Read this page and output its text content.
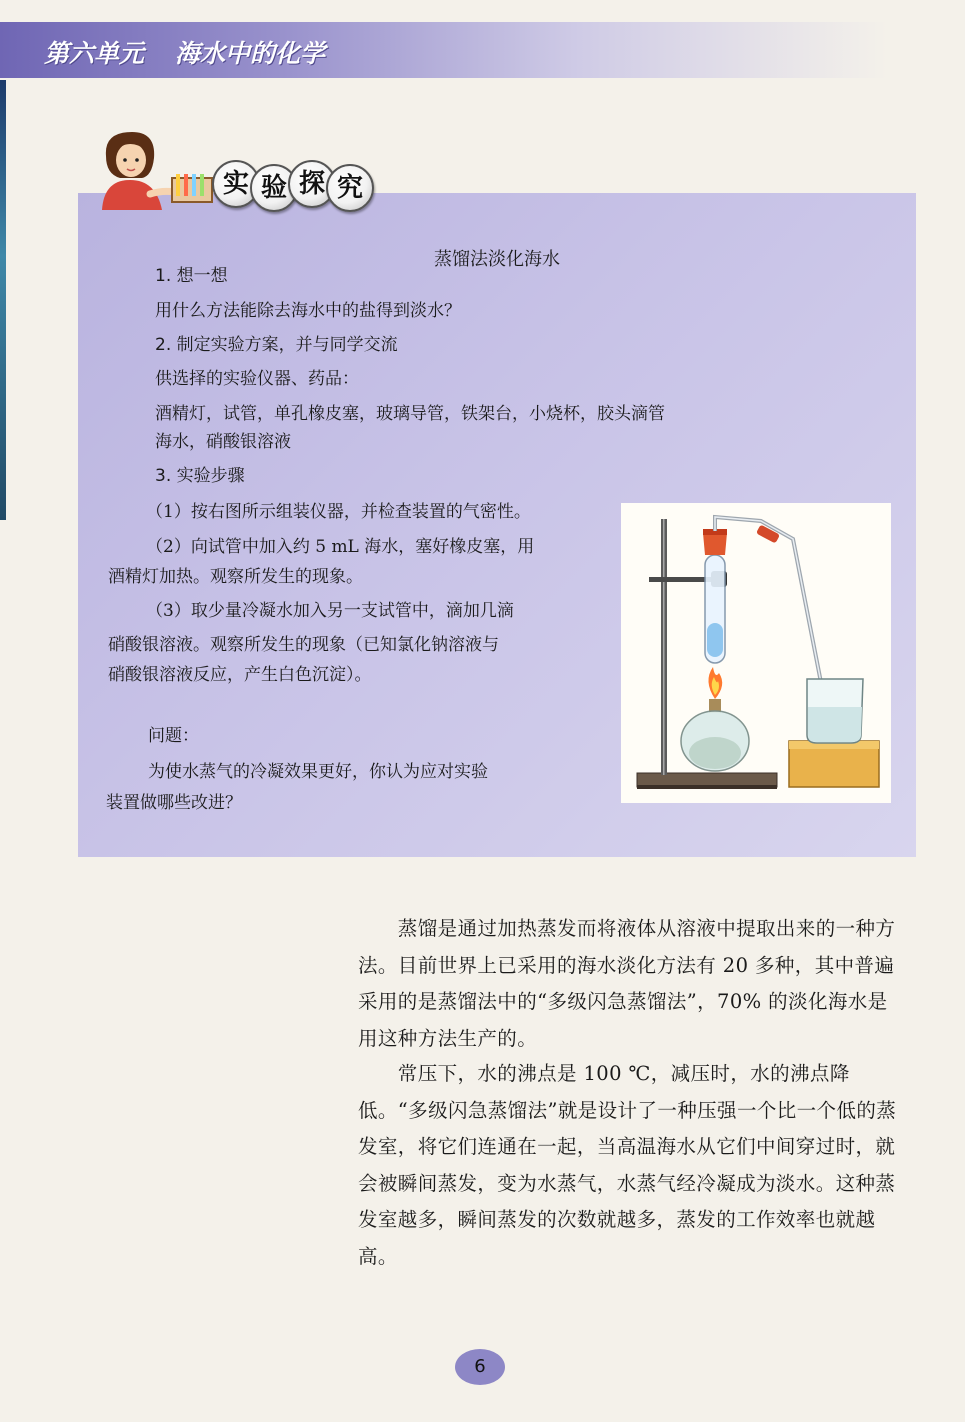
第六单元 海水中的化学
蒸馏法淡化海水
1. 想一想
用什么方法能除去海水中的盐得到淡水？
2. 制定实验方案，并与同学交流
供选择的实验仪器、药品：
酒精灯，试管，单孔橡皮塞，玻璃导管，铁架台，小烧杯，胶头滴管
海水，硝酸银溶液
3. 实验步骤
（1）按右图所示组装仪器，并检查装置的气密性。
（2）向试管中加入约 5 mL 海水，塞好橡皮塞，用
酒精灯加热。观察所发生的现象。
（3）取少量冷凝水加入另一支试管中，滴加几滴
硝酸银溶液。观察所发生的现象（已知氯化钠溶液与
硝酸银溶液反应，产生白色沉淀）。
问题：
为使水蒸气的冷凝效果更好，你认为应对实验
装置做哪些改进？
实 验 探 究
　　蒸馏是通过加热蒸发而将液体从溶液中提取出来的一种方法。目前世界上已采用的海水淡化方法有 20 多种，其中普遍采用的是蒸馏法中的“多级闪急蒸馏法”，70% 的淡化海水是用这种方法生产的。
　　常压下，水的沸点是 100 ℃，减压时，水的沸点降低。“多级闪急蒸馏法”就是设计了一种压强一个比一个低的蒸发室，将它们连通在一起，当高温海水从它们中间穿过时，就会被瞬间蒸发，变为水蒸气，水蒸气经冷凝成为淡水。这种蒸发室越多，瞬间蒸发的次数就越多，蒸发的工作效率也就越高。
6
